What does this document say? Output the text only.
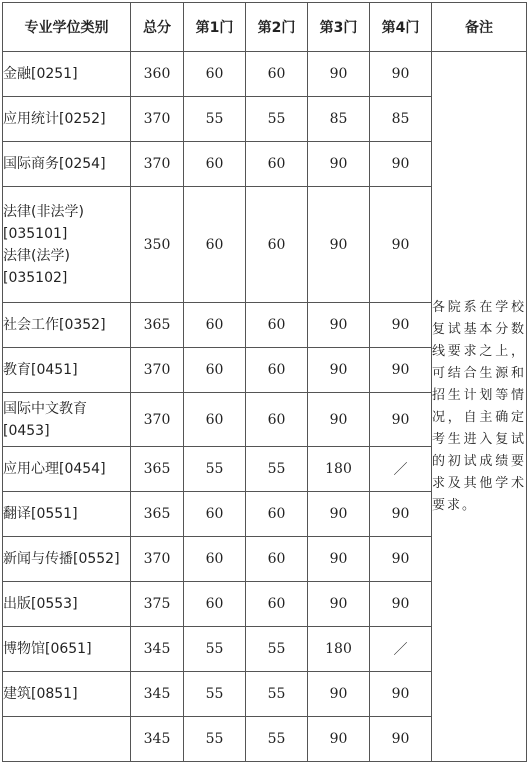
专业学位类别	总分	第1门	第2门	第3门	第4门	备注

金融[0251]	360	60	60	90	90	各院系在学校复试基本分数线要求之上，可结合生源和招生计划等情况，自主确定考生进入复试的初试成绩要求及其他学术要求。

应用统计[0252]	370	55	55	85	85	

国际商务[0254]	370	60	60	90	90	

法律(非法学)
[035101]
法律(法学)
[035102]	350	60	60	90	90	

社会工作[0352]	365	60	60	90	90	

教育[0451]	370	60	60	90	90	

国际中文教育
[0453]	370	60	60	90	90	

应用心理[0454]	365	55	55	180	／	

翻译[0551]	365	60	60	90	90	

新闻与传播[0552]	370	60	60	90	90	

出版[0553]	375	60	60	90	90	

博物馆[0651]	345	55	55	180	／	

建筑[0851]	345	55	55	90	90	

	345	55	55	90	90	
